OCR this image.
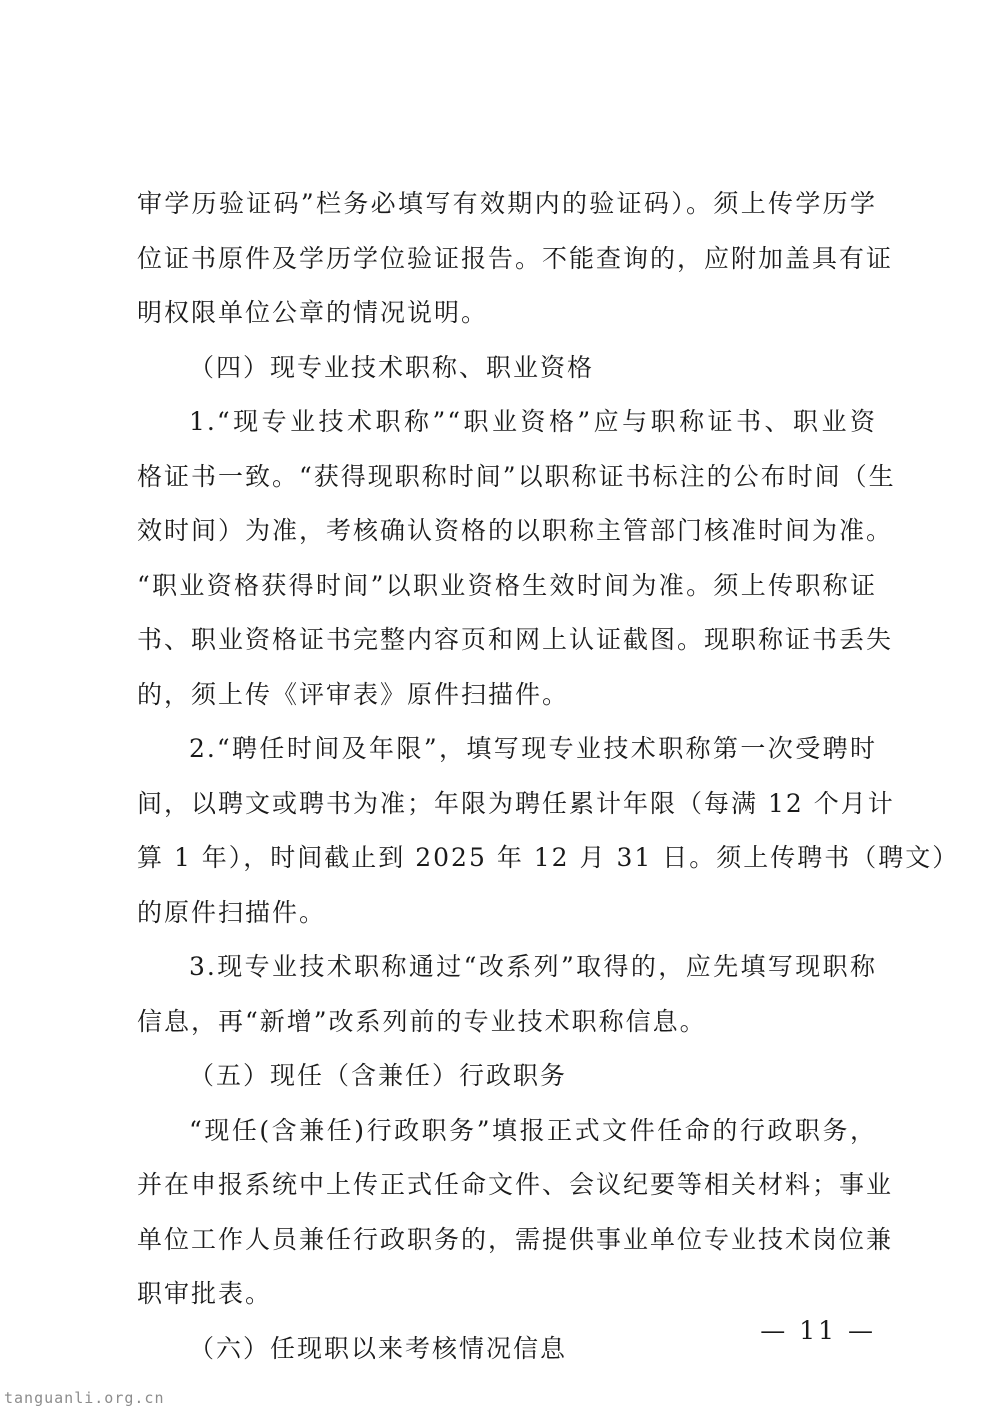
审学历验证码”栏务必填写有效期内的验证码）。须上传学历学
位证书原件及学历学位验证报告。不能查询的，应附加盖具有证
明权限单位公章的情况说明。
（四）现专业技术职称、职业资格
1.“现专业技术职称”“职业资格”应与职称证书、职业资
格证书一致。“获得现职称时间”以职称证书标注的公布时间（生
效时间）为准，考核确认资格的以职称主管部门核准时间为准。
“职业资格获得时间”以职业资格生效时间为准。须上传职称证
书、职业资格证书完整内容页和网上认证截图。现职称证书丢失
的，须上传《评审表》原件扫描件。
2.“聘任时间及年限”，填写现专业技术职称第一次受聘时
间，以聘文或聘书为准；年限为聘任累计年限（每满 12 个月计
算 1 年），时间截止到 2025 年 12 月 31 日。须上传聘书（聘文）
的原件扫描件。
3.现专业技术职称通过“改系列”取得的，应先填写现职称
信息，再“新增”改系列前的专业技术职称信息。
（五）现任（含兼任）行政职务
“现任(含兼任)行政职务”填报正式文件任命的行政职务，
并在申报系统中上传正式任命文件、会议纪要等相关材料；事业
单位工作人员兼任行政职务的，需提供事业单位专业技术岗位兼
职审批表。
（六）任现职以来考核情况信息
— 11 —
tanguanli.org.cn
